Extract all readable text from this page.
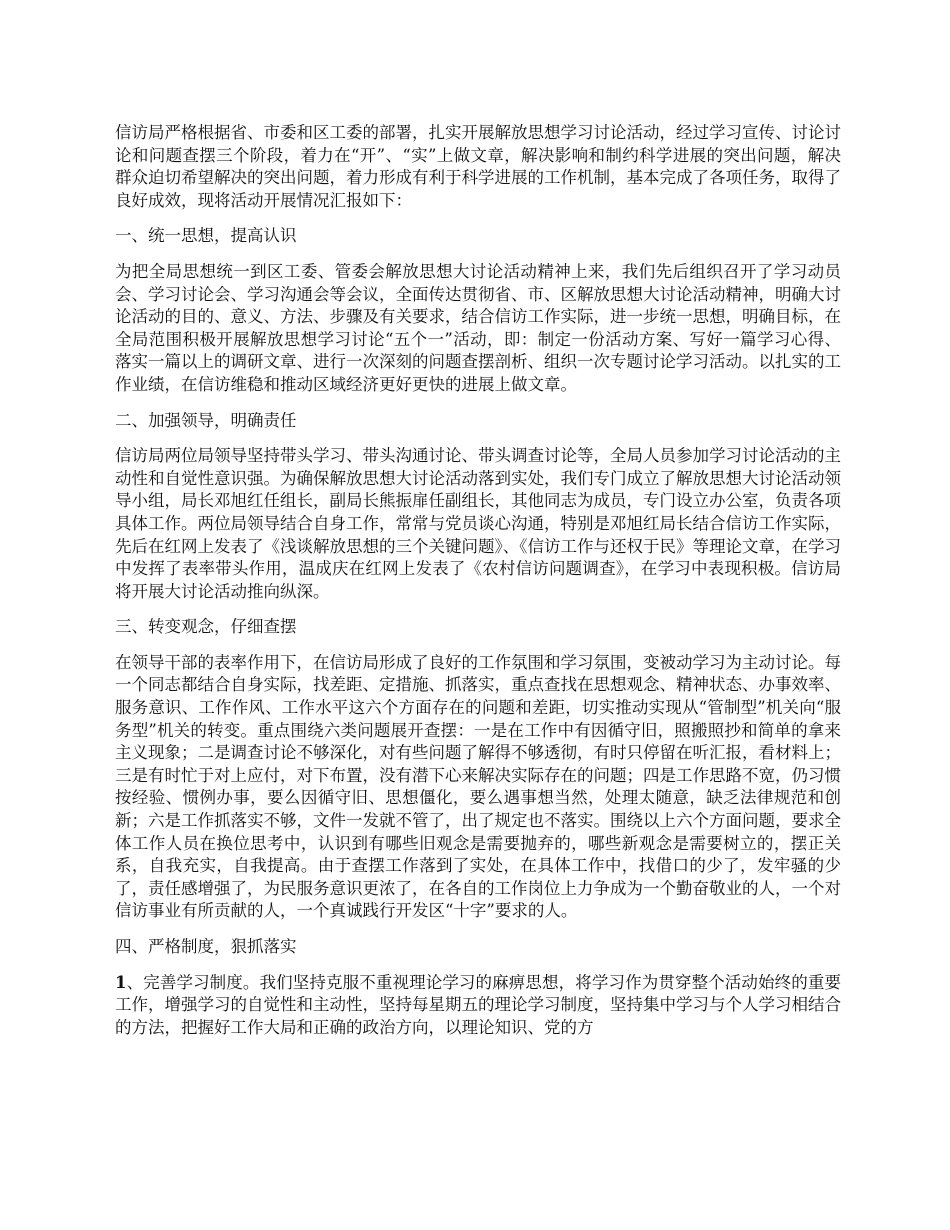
信访局严格根据省、市委和区工委的部署，扎实开展解放思想学习讨论活动，经过学习宣传、讨论讨论和问题查摆三个阶段，着力在“开”、“实”上做文章，解决影响和制约科学进展的突出问题，解决群众迫切希望解决的突出问题，着力形成有利于科学进展的工作机制，基本完成了各项任务，取得了良好成效，现将活动开展情况汇报如下：

一、统一思想，提高认识

为把全局思想统一到区工委、管委会解放思想大讨论活动精神上来，我们先后组织召开了学习动员会、学习讨论会、学习沟通会等会议，全面传达贯彻省、市、区解放思想大讨论活动精神，明确大讨论活动的目的、意义、方法、步骤及有关要求，结合信访工作实际，进一步统一思想，明确目标，在全局范围积极开展解放思想学习讨论“五个一”活动，即：制定一份活动方案、写好一篇学习心得、落实一篇以上的调研文章、进行一次深刻的问题查摆剖析、组织一次专题讨论学习活动。以扎实的工作业绩，在信访维稳和推动区域经济更好更快的进展上做文章。

二、加强领导，明确责任

信访局两位局领导坚持带头学习、带头沟通讨论、带头调查讨论等，全局人员参加学习讨论活动的主动性和自觉性意识强。为确保解放思想大讨论活动落到实处，我们专门成立了解放思想大讨论活动领导小组，局长邓旭红任组长，副局长熊振扉任副组长，其他同志为成员，专门设立办公室，负责各项具体工作。两位局领导结合自身工作，常常与党员谈心沟通，特别是邓旭红局长结合信访工作实际，先后在红网上发表了《浅谈解放思想的三个关键问题》、《信访工作与还权于民》等理论文章，在学习中发挥了表率带头作用，温成庆在红网上发表了《农村信访问题调查》，在学习中表现积极。信访局将开展大讨论活动推向纵深。

三、转变观念，仔细查摆

在领导干部的表率作用下，在信访局形成了良好的工作氛围和学习氛围，变被动学习为主动讨论。每一个同志都结合自身实际，找差距、定措施、抓落实，重点查找在思想观念、精神状态、办事效率、服务意识、工作作风、工作水平这六个方面存在的问题和差距，切实推动实现从“管制型”机关向“服务型”机关的转变。重点围绕六类问题展开查摆：一是在工作中有因循守旧，照搬照抄和简单的拿来主义现象；二是调查讨论不够深化，对有些问题了解得不够透彻，有时只停留在听汇报，看材料上；三是有时忙于对上应付，对下布置，没有潜下心来解决实际存在的问题；四是工作思路不宽，仍习惯按经验、惯例办事，要么因循守旧、思想僵化，要么遇事想当然，处理太随意，缺乏法律规范和创新；六是工作抓落实不够，文件一发就不管了，出了规定也不落实。围绕以上六个方面问题，要求全体工作人员在换位思考中，认识到有哪些旧观念是需要抛弃的，哪些新观念是需要树立的，摆正关系，自我充实，自我提高。由于查摆工作落到了实处，在具体工作中，找借口的少了，发牢骚的少了，责任感增强了，为民服务意识更浓了，在各自的工作岗位上力争成为一个勤奋敬业的人，一个对信访事业有所贡献的人，一个真诚践行开发区“十字”要求的人。

四、严格制度，狠抓落实

1、完善学习制度。我们坚持克服不重视理论学习的麻痹思想，将学习作为贯穿整个活动始终的重要工作，增强学习的自觉性和主动性，坚持每星期五的理论学习制度，坚持集中学习与个人学习相结合的方法，把握好工作大局和正确的政治方向，以理论知识、党的方
